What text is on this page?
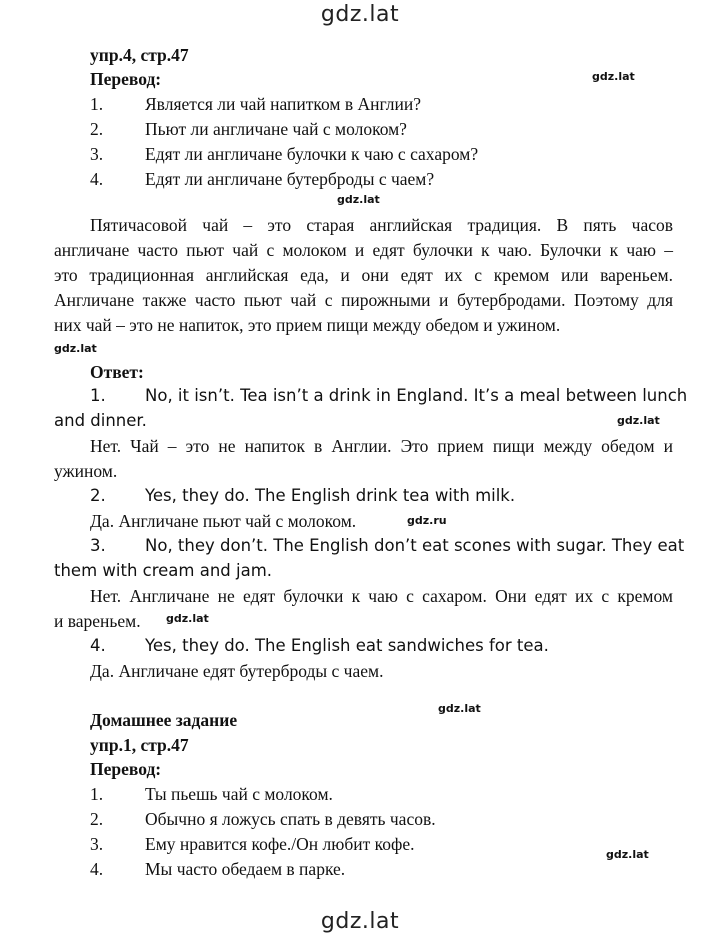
gdz.lat
упр.4, стр.47
Перевод:	gdz.lat
1. Является ли чай напитком в Англии?
2. Пьют ли англичане чай с молоком?
3. Едят ли англичане булочки к чаю с сахаром?
4. Едят ли англичане бутерброды с чаем?
gdz.lat
Пятичасовой чай – это старая английская традиция. В пять часов
англичане часто пьют чай с молоком и едят булочки к чаю. Булочки к чаю –
это традиционная английская еда, и они едят их с кремом или вареньем.
Англичане также часто пьют чай с пирожными и бутербродами. Поэтому для
них чай – это не напиток, это прием пищи между обедом и ужином.
gdz.lat
Ответ:
1. No, it isn’t. Tea isn’t a drink in England. It’s a meal between lunch
and dinner.	gdz.lat
Нет. Чай – это не напиток в Англии. Это прием пищи между обедом и
ужином.
2. Yes, they do. The English drink tea with milk.
Да. Англичане пьют чай с молоком.	gdz.ru
3. No, they don’t. The English don’t eat scones with sugar. They eat
them with cream and jam.
Нет. Англичане не едят булочки к чаю с сахаром. Они едят их с кремом
и вареньем. gdz.lat
4. Yes, they do. The English eat sandwiches for tea.
Да. Англичане едят бутерброды с чаем.
gdz.lat
Домашнее задание
упр.1, стр.47
Перевод:
1. Ты пьешь чай с молоком.
2. Обычно я ложусь спать в девять часов.
3. Ему нравится кофе./Он любит кофе.
gdz.lat
4. Мы часто обедаем в парке.
gdz.lat
